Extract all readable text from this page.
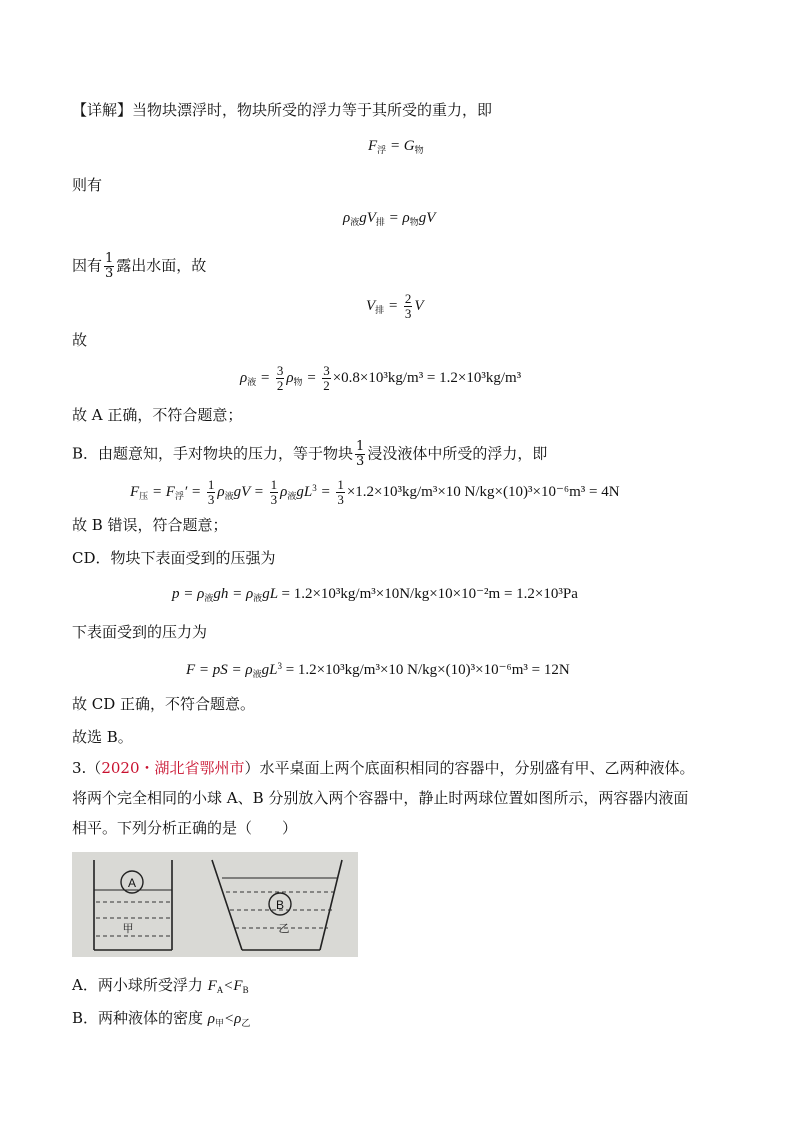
【详解】当物块漂浮时，物块所受的浮力等于其所受的重力，即
$F_浮 = G_物$
则有
$\rho_液gV_排 = \rho_物gV$
因有 $\frac{1}{3}$ 露出水面，故
$V_排 = \frac{2}{3}$ V
故
$\rho_液 = \frac{3}{2} \rho_物 = \frac{3}{2} \times 0.8\times 10^3kg/m^3 = 1.2\times 10^3kg/m^3$
故 A 正确，不符合题意；
B．由题意知，手对物块的压力，等于物块 $\frac{1}{3}$ 浸没液体中所受的浮力，即
$F_压 = F_浮' = \frac{1}{3} \rho_液gV = \frac{1}{3} \rho_液gL^3 = \frac{1}{3} \times 1.2\times 10^3kg/m^3\times 10$ N/kg×(10)³×10⁻⁶m³ = 4N
故 B 错误，符合题意；
CD．物块下表面受到的压强为
$p = \rho_液gh = \rho_液gL = 1.2\times 10^3kg/m^3\times 10N/kg\times 10\times 10^{-2}m = 1.2\times 10^3Pa$
下表面受到的压力为
F = pS = $\rho_液gL^3 = 1.2\times 10^3kg/m^3\times 10$ N/kg×(10)³×10⁻⁶m³ = 12N
故 CD 正确，不符合题意。
故选 B。
3.（2020・湖北省鄂州市）水平桌面上两个底面积相同的容器中，分别盛有甲、乙两种液体。
将两个完全相同的小球 A、B 分别放入两个容器中，静止时两球位置如图所示，两容器内液面
相平。下列分析正确的是（　　）
A
甲
B
乙
A．两小球所受浮力 $F_A<F_B$
B．两种液体的密度 $\rho_甲<\rho_乙$
